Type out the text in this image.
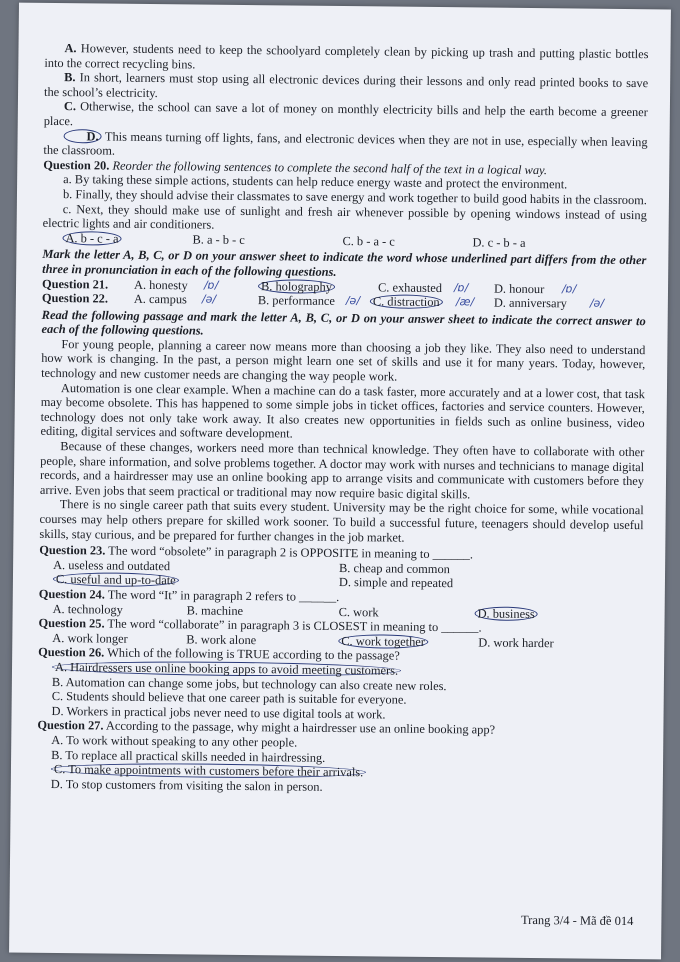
A. However, students need to keep the schoolyard completely clean by picking up trash and putting plastic bottles into the correct recycling bins.

B. In short, learners must stop using all electronic devices during their lessons and only read printed books to save the school’s electricity.

C. Otherwise, the school can save a lot of money on monthly electricity bills and help the earth become a greener place.

D. This means turning off lights, fans, and electronic devices when they are not in use, especially when leaving the classroom.

Question 20. Reorder the following sentences to complete the second half of the text in a logical way.

a. By taking these simple actions, students can help reduce energy waste and protect the environment.

b. Finally, they should advise their classmates to save energy and work together to build good habits in the classroom.

c. Next, they should make use of sunlight and fresh air whenever possible by opening windows instead of using electric lights and air conditioners.

A. b - c - a	B. a - b - c	C. b - a - c	D. c - b - a

Mark the letter A, B, C, or D on your answer sheet to indicate the word whose underlined part differs from the other three in pronunciation in each of the following questions.

Question 21. A. honesty /ɒ/	B. holography	C. exhausted /ɒ/ D. honour /ɒ/
Question 22. A. campus /ə/	B. performance /ə/ C. distraction /æ/ D. anniversary /ə/

Read the following passage and mark the letter A, B, C, or D on your answer sheet to indicate the correct answer to each of the following questions.

For young people, planning a career now means more than choosing a job they like. They also need to understand how work is changing. In the past, a person might learn one set of skills and use it for many years. Today, however, technology and new customer needs are changing the way people work.

Automation is one clear example. When a machine can do a task faster, more accurately and at a lower cost, that task may become obsolete. This has happened to some simple jobs in ticket offices, factories and service counters. However, technology does not only take work away. It also creates new opportunities in fields such as online business, video editing, digital services and software development.

Because of these changes, workers need more than technical knowledge. They often have to collaborate with other people, share information, and solve problems together. A doctor may work with nurses and technicians to manage digital records, and a hairdresser may use an online booking app to arrange visits and communicate with customers before they arrive. Even jobs that seem practical or traditional may now require basic digital skills.

There is no single career path that suits every student. University may be the right choice for some, while vocational courses may help others prepare for skilled work sooner. To build a successful future, teenagers should develop useful skills, stay curious, and be prepared for further changes in the job market.

Question 23. The word “obsolete” in paragraph 2 is OPPOSITE in meaning to ______.

A. useless and outdated	B. cheap and common
C. useful and up-to-date	D. simple and repeated

Question 24. The word “It” in paragraph 2 refers to ______.

A. technology	B. machine	C. work	D. business

Question 25. The word “collaborate” in paragraph 3 is CLOSEST in meaning to ______.

A. work longer	B. work alone	C. work together	D. work harder

Question 26. Which of the following is TRUE according to the passage?

A. Hairdressers use online booking apps to avoid meeting customers.

B. Automation can change some jobs, but technology can also create new roles.

C. Students should believe that one career path is suitable for everyone.

D. Workers in practical jobs never need to use digital tools at work.

Question 27. According to the passage, why might a hairdresser use an online booking app?

A. To work without speaking to any other people.

B. To replace all practical skills needed in hairdressing.

C. To make appointments with customers before their arrivals.

D. To stop customers from visiting the salon in person.

Trang 3/4 - Mã đề 014
